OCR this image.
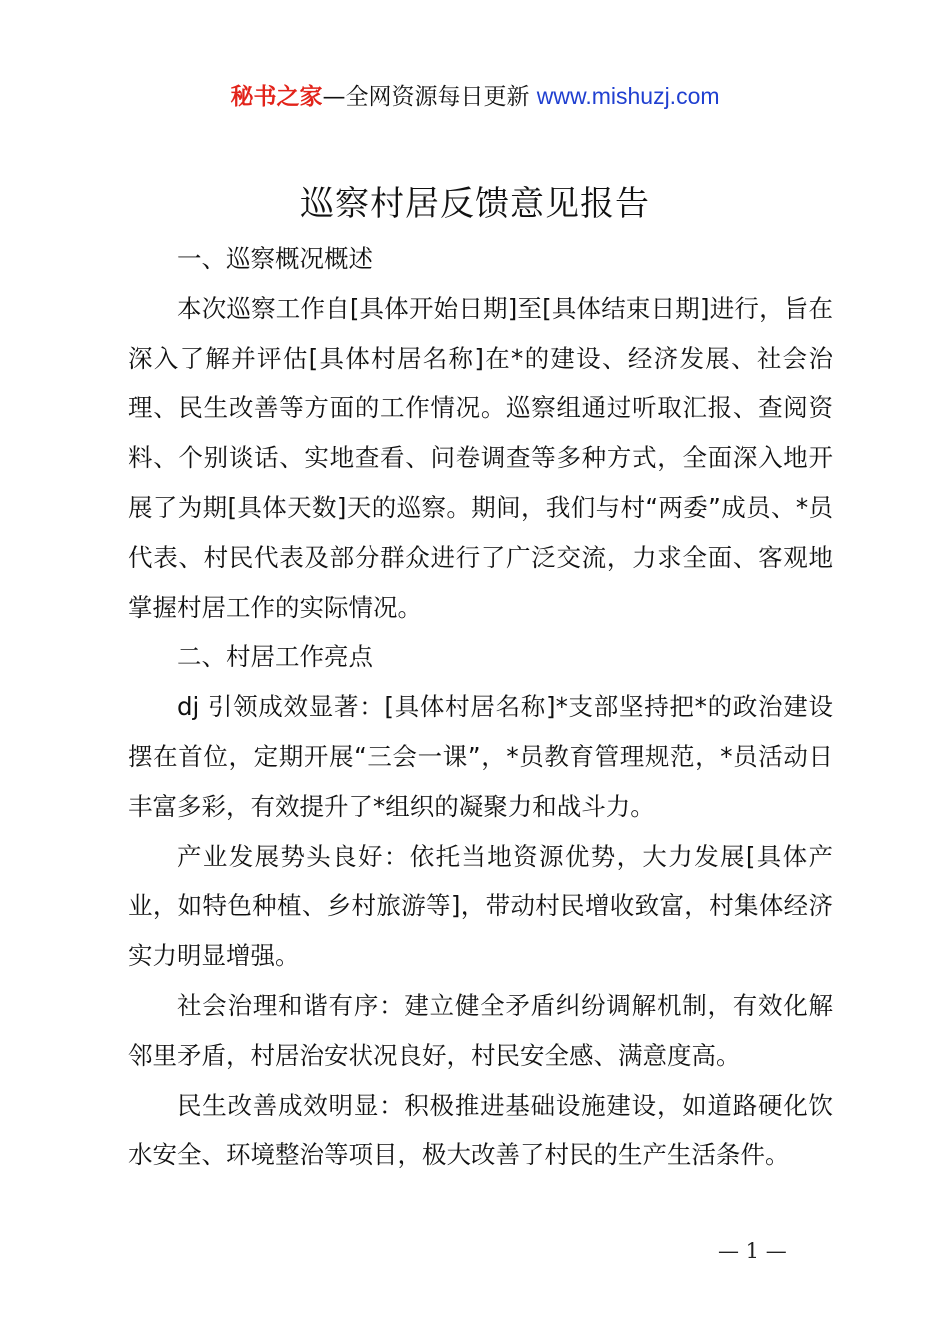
秘书之家—全网资源每日更新 www.mishuzj.com
巡察村居反馈意见报告

一、巡察概况概述

本次巡察工作自[具体开始日期]至[具体结束日期]进行，旨在深入了解并评估[具体村居名称]在*的建设、经济发展、社会治理、民生改善等方面的工作情况。巡察组通过听取汇报、查阅资料、个别谈话、实地查看、问卷调查等多种方式，全面深入地开展了为期[具体天数]天的巡察。期间，我们与村“两委”成员、*员代表、村民代表及部分群众进行了广泛交流，力求全面、客观地掌握村居工作的实际情况。

二、村居工作亮点

dj 引领成效显著：[具体村居名称]*支部坚持把*的政治建设摆在首位，定期开展“三会一课”，*员教育管理规范，*员活动日丰富多彩，有效提升了*组织的凝聚力和战斗力。

产业发展势头良好：依托当地资源优势，大力发展[具体产业，如特色种植、乡村旅游等]，带动村民增收致富，村集体经济实力明显增强。

社会治理和谐有序：建立健全矛盾纠纷调解机制，有效化解邻里矛盾，村居治安状况良好，村民安全感、满意度高。

民生改善成效明显：积极推进基础设施建设，如道路硬化饮水安全、环境整治等项目，极大改善了村民的生产生活条件。

— 1 —
